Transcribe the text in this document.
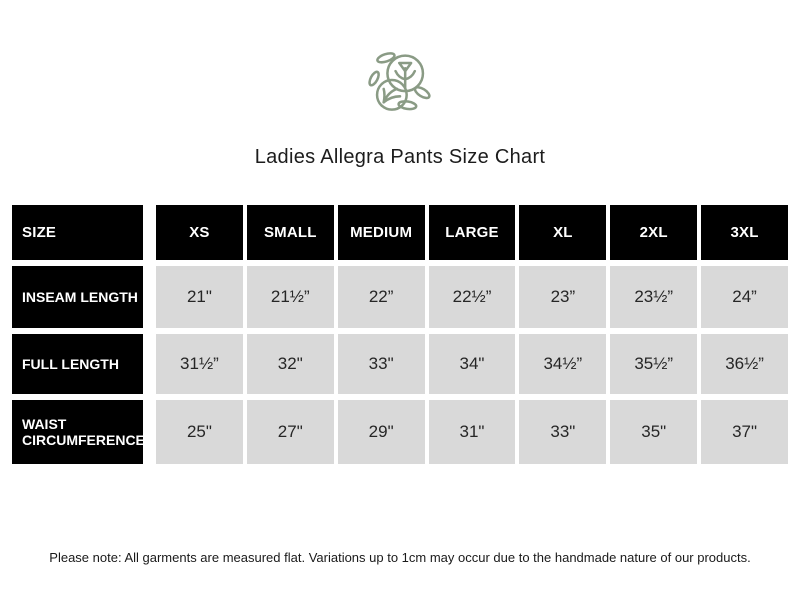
Ladies Allegra Pants Size Chart
SIZE	XS	SMALL	MEDIUM	LARGE	XL	2XL	3XL
INSEAM LENGTH	21"	21½”	22”	22½”	23”	23½”	24”
FULL LENGTH	31½”	32"	33"	34"	34½”	35½”	36½”
WAIST CIRCUMFERENCE	25"	27"	29"	31"	33"	35"	37"

Please note: All garments are measured flat. Variations up to 1cm may occur due to the handmade nature of our products.
